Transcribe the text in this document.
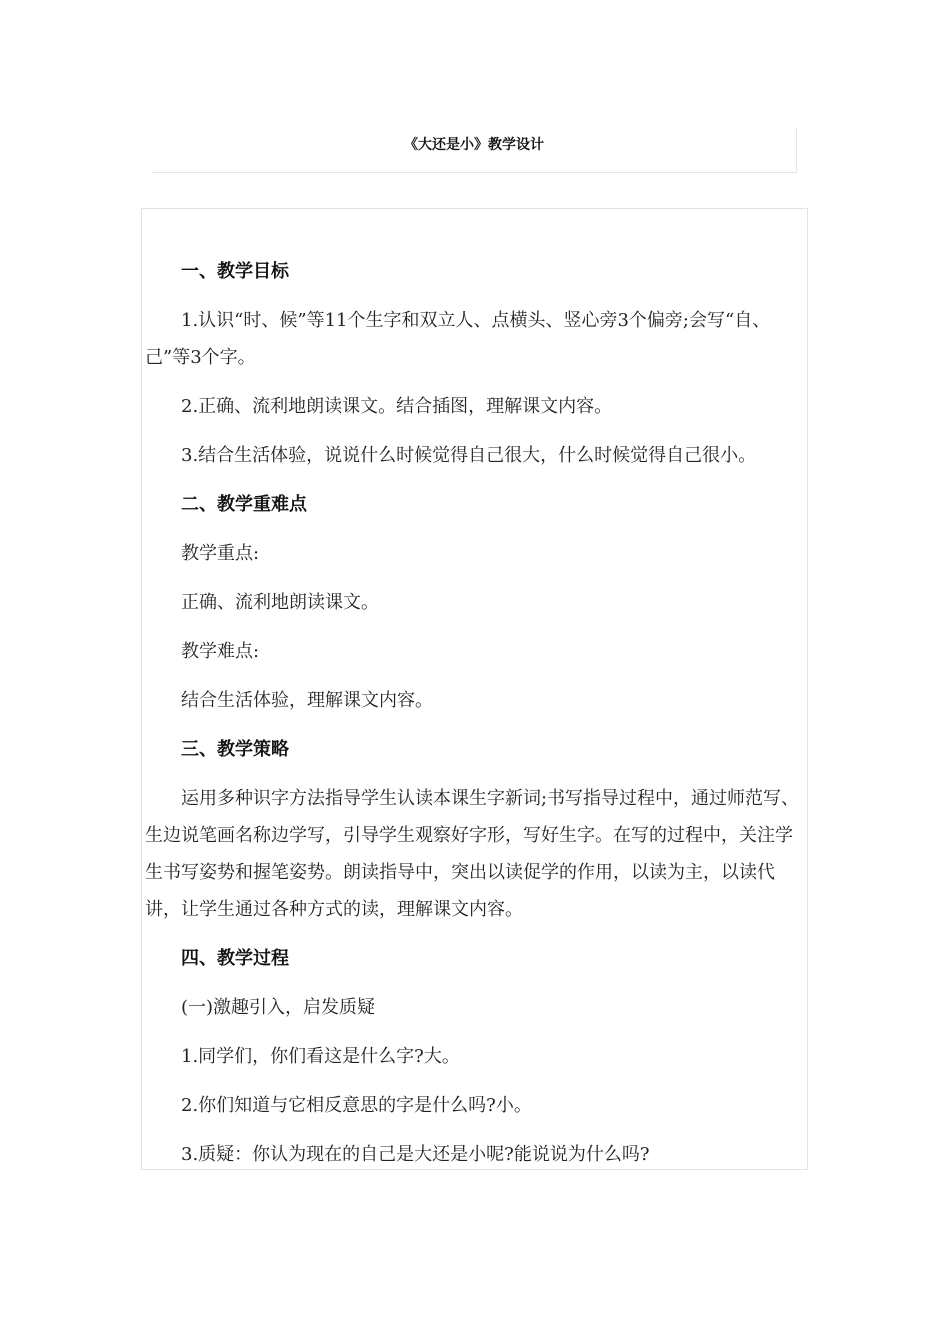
《大还是小》教学设计

一、教学目标

1.认识“时、候”等11个生字和双立人、点横头、竖心旁3个偏旁;会写“自、己”等3个字。

2.正确、流利地朗读课文。结合插图，理解课文内容。

3.结合生活体验，说说什么时候觉得自己很大，什么时候觉得自己很小。

二、教学重难点

教学重点:

正确、流利地朗读课文。

教学难点:

结合生活体验，理解课文内容。

三、教学策略

运用多种识字方法指导学生认读本课生字新词;书写指导过程中，通过师范写、生边说笔画名称边学写，引导学生观察好字形，写好生字。在写的过程中，关注学生书写姿势和握笔姿势。朗读指导中，突出以读促学的作用，以读为主，以读代讲，让学生通过各种方式的读，理解课文内容。

四、教学过程

(一)激趣引入，启发质疑

1.同学们，你们看这是什么字?大。

2.你们知道与它相反意思的字是什么吗?小。

3.质疑：你认为现在的自己是大还是小呢?能说说为什么吗?
